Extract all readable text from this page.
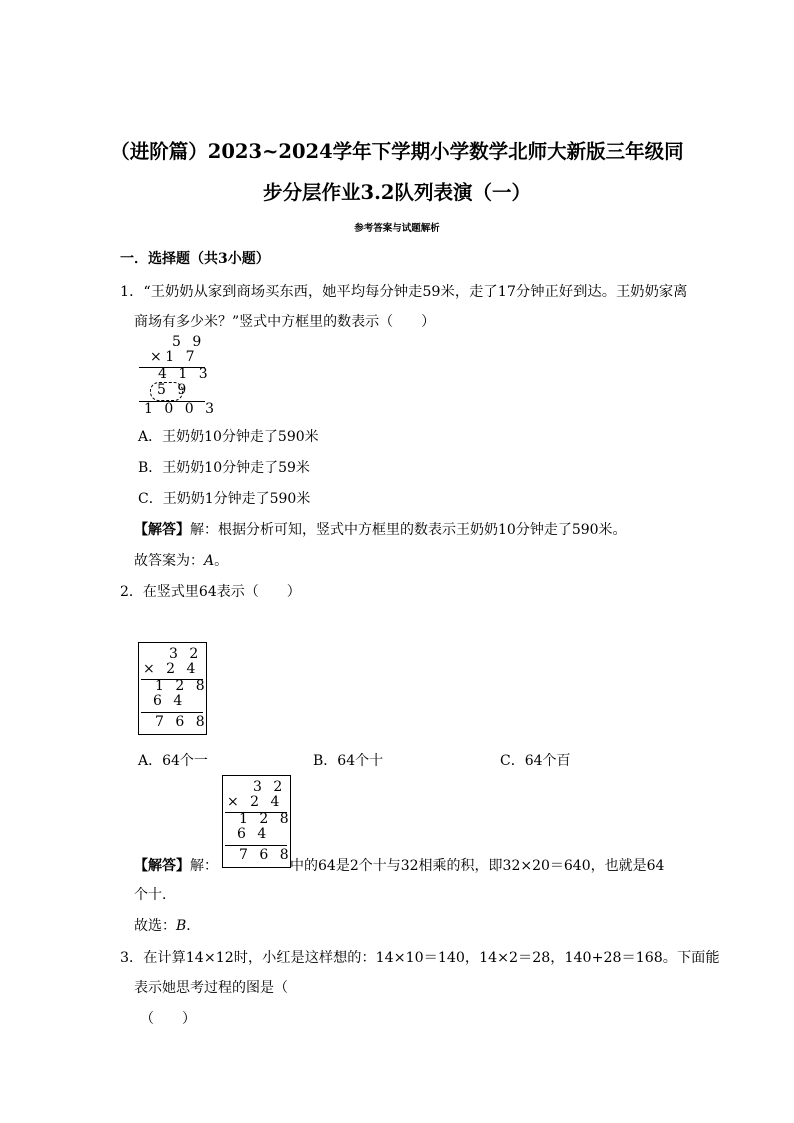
（进阶篇）2023~2024学年下学期小学数学北师大新版三年级同
步分层作业3.2队列表演（一）
参考答案与试题解析
一．选择题（共3小题）
1．“王奶奶从家到商场买东西，她平均每分钟走59米，走了17分钟正好到达。王奶奶家离
商场有多少米？”竖式中方框里的数表示（　　）
5 9
×1 7
4 1 3
5 9
1 0 0 3
A．王奶奶10分钟走了590米
B．王奶奶10分钟走了59米
C．王奶奶1分钟走了590米
【解答】解：根据分析可知，竖式中方框里的数表示王奶奶10分钟走了590米。
故答案为：A。
2．在竖式里64表示（　　）
3 2
× 2 4
1 2 8
6 4
7 6 8
A．64个一	B．64个十	C．64个百
3 2
× 2 4
1 2 8
6 4
7 6 8
【解答】解：	中的64是2个十与32相乘的积，即32×20＝640，也就是64
个十．
故选：B．
3．在计算14×12时，小红是这样想的：14×10＝140，14×2＝28，140+28＝168。下面能
表示她思考过程的图是（
（　　）
